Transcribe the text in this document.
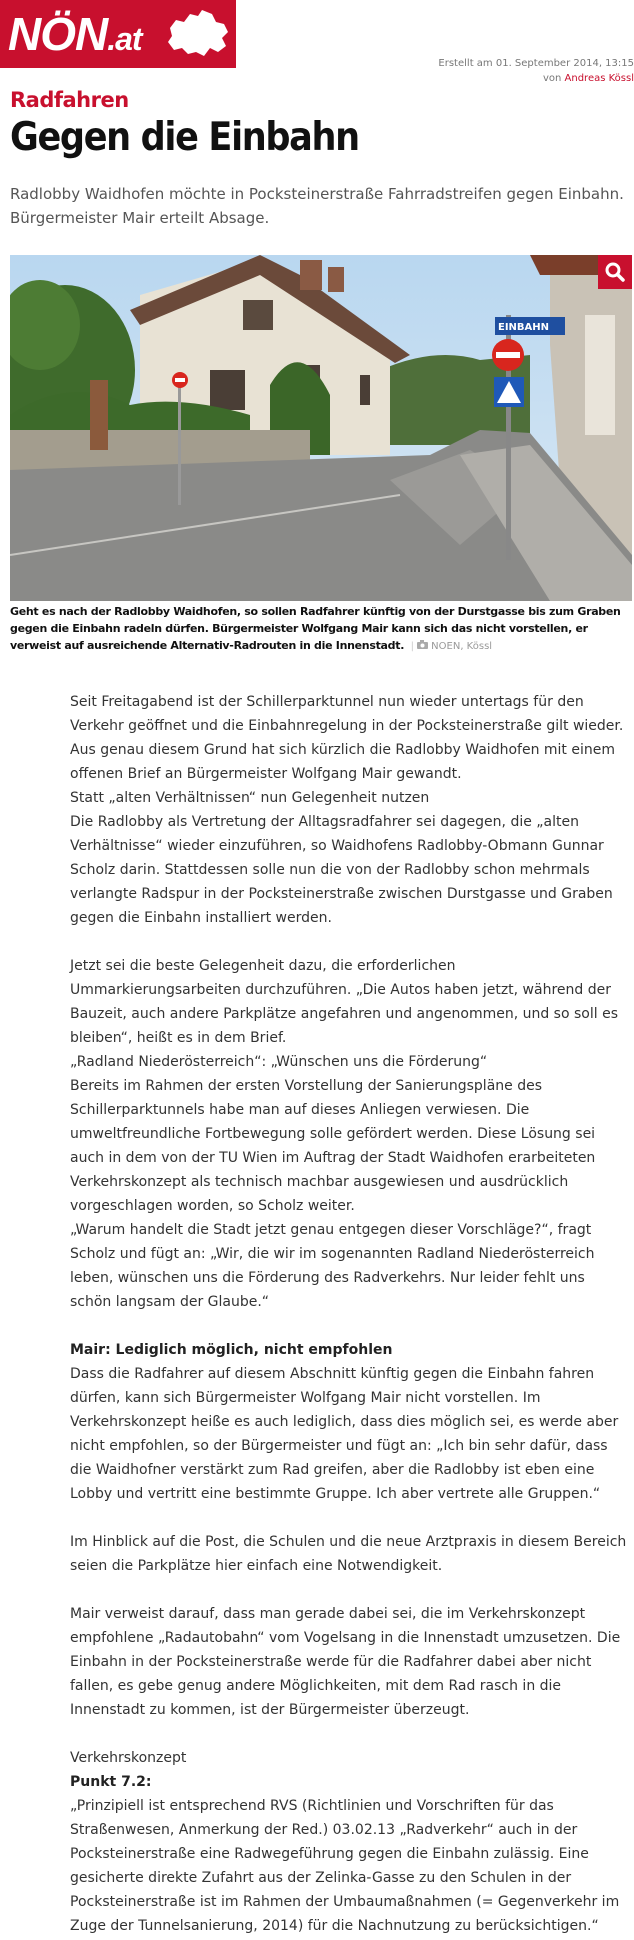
NÖN.at
Erstellt am 01. September 2014, 13:15
von Andreas Kössl
Radfahren
Gegen die Einbahn

Radlobby Waidhofen möchte in Pocksteinerstraße Fahrradstreifen gegen Einbahn. Bürgermeister Mair erteilt Absage.

EINBAHN

Geht es nach der Radlobby Waidhofen, so sollen Radfahrer künftig von der Durstgasse bis zum Graben gegen die Einbahn radeln dürfen. Bürgermeister Wolfgang Mair kann sich das nicht vorstellen, er verweist auf ausreichende Alternativ-Radrouten in die Innenstadt. | NOEN, Kössl

Seit Freitagabend ist der Schillerparktunnel nun wieder untertags für den Verkehr geöffnet und die Einbahnregelung in der Pocksteinerstraße gilt wieder. Aus genau diesem Grund hat sich kürzlich die Radlobby Waidhofen mit einem offenen Brief an Bürgermeister Wolfgang Mair gewandt.

Statt „alten Verhältnissen“ nun Gelegenheit nutzen

Die Radlobby als Vertretung der Alltagsradfahrer sei dagegen, die „alten Verhältnisse“ wieder einzuführen, so Waidhofens Radlobby-Obmann Gunnar Scholz darin. Stattdessen solle nun die von der Radlobby schon mehrmals verlangte Radspur in der Pocksteinerstraße zwischen Durstgasse und Graben gegen die Einbahn installiert werden.

Jetzt sei die beste Gelegenheit dazu, die erforderlichen Ummarkierungsarbeiten durchzuführen. „Die Autos haben jetzt, während der Bauzeit, auch andere Parkplätze angefahren und angenommen, und so soll es bleiben“, heißt es in dem Brief.

„Radland Niederösterreich“: „Wünschen uns die Förderung“

Bereits im Rahmen der ersten Vorstellung der Sanierungspläne des Schillerparktunnels habe man auf dieses Anliegen verwiesen. Die umweltfreundliche Fortbewegung solle gefördert werden. Diese Lösung sei auch in dem von der TU Wien im Auftrag der Stadt Waidhofen erarbeiteten Verkehrskonzept als technisch machbar ausgewiesen und ausdrücklich vorgeschlagen worden, so Scholz weiter.

„Warum handelt die Stadt jetzt genau entgegen dieser Vorschläge?“, fragt Scholz und fügt an: „Wir, die wir im sogenannten Radland Niederösterreich leben, wünschen uns die Förderung des Radverkehrs. Nur leider fehlt uns schön langsam der Glaube.“

Mair: Lediglich möglich, nicht empfohlen

Dass die Radfahrer auf diesem Abschnitt künftig gegen die Einbahn fahren dürfen, kann sich Bürgermeister Wolfgang Mair nicht vorstellen. Im Verkehrskonzept heiße es auch lediglich, dass dies möglich sei, es werde aber nicht empfohlen, so der Bürgermeister und fügt an: „Ich bin sehr dafür, dass die Waidhofner verstärkt zum Rad greifen, aber die Radlobby ist eben eine Lobby und vertritt eine bestimmte Gruppe. Ich aber vertrete alle Gruppen.“

Im Hinblick auf die Post, die Schulen und die neue Arztpraxis in diesem Bereich seien die Parkplätze hier einfach eine Notwendigkeit.

Mair verweist darauf, dass man gerade dabei sei, die im Verkehrskonzept empfohlene „Radautobahn“ vom Vogelsang in die Innenstadt umzusetzen. Die Einbahn in der Pocksteinerstraße werde für die Radfahrer dabei aber nicht fallen, es gebe genug andere Möglichkeiten, mit dem Rad rasch in die Innenstadt zu kommen, ist der Bürgermeister überzeugt.

Verkehrskonzept

Punkt 7.2:

„Prinzipiell ist entsprechend RVS (Richtlinien und Vorschriften für das Straßenwesen, Anmerkung der Red.) 03.02.13 „Radverkehr“ auch in der Pocksteinerstraße eine Radwegeführung gegen die Einbahn zulässig. Eine gesicherte direkte Zufahrt aus der Zelinka-Gasse zu den Schulen in der Pocksteinerstraße ist im Rahmen der Umbaumaßnahmen (= Gegenverkehr im Zuge der Tunnelsanierung, 2014) für die Nachnutzung zu berücksichtigen.“
